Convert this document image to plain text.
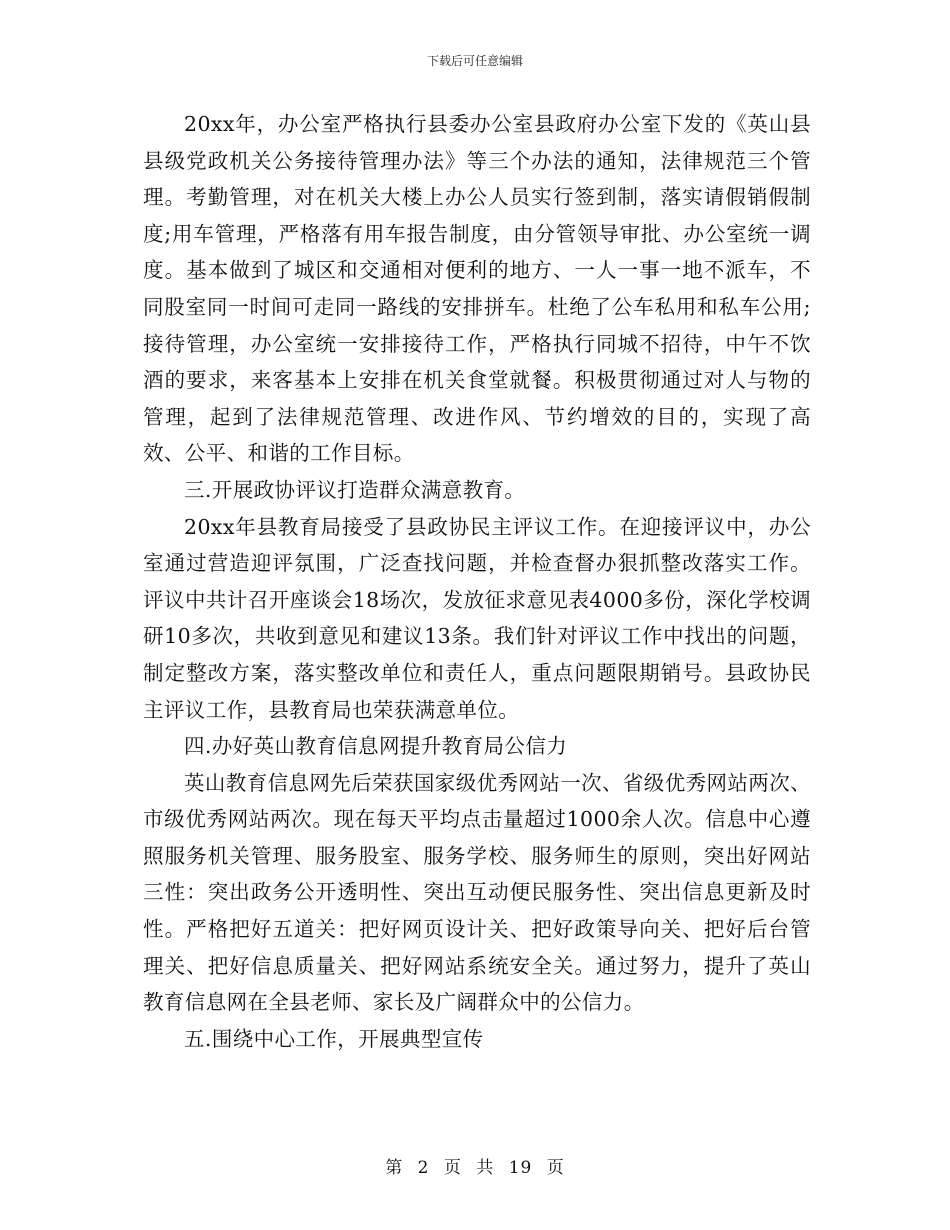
下载后可任意编辑

20xx年，办公室严格执行县委办公室县政府办公室下发的《英山县县级党政机关公务接待管理办法》等三个办法的通知，法律规范三个管理。考勤管理，对在机关大楼上办公人员实行签到制，落实请假销假制度;用车管理，严格落有用车报告制度，由分管领导审批、办公室统一调度。基本做到了城区和交通相对便利的地方、一人一事一地不派车，不同股室同一时间可走同一路线的安排拼车。杜绝了公车私用和私车公用;接待管理，办公室统一安排接待工作，严格执行同城不招待，中午不饮酒的要求，来客基本上安排在机关食堂就餐。积极贯彻通过对人与物的管理，起到了法律规范管理、改进作风、节约增效的目的，实现了高效、公平、和谐的工作目标。

三.开展政协评议打造群众满意教育。

20xx年县教育局接受了县政协民主评议工作。在迎接评议中，办公室通过营造迎评氛围，广泛查找问题，并检查督办狠抓整改落实工作。评议中共计召开座谈会18场次，发放征求意见表4000多份，深化学校调研10多次，共收到意见和建议13条。我们针对评议工作中找出的问题，制定整改方案，落实整改单位和责任人，重点问题限期销号。县政协民主评议工作，县教育局也荣获满意单位。

四.办好英山教育信息网提升教育局公信力

英山教育信息网先后荣获国家级优秀网站一次、省级优秀网站两次、市级优秀网站两次。现在每天平均点击量超过1000余人次。信息中心遵照服务机关管理、服务股室、服务学校、服务师生的原则，突出好网站三性：突出政务公开透明性、突出互动便民服务性、突出信息更新及时性。严格把好五道关：把好网页设计关、把好政策导向关、把好后台管理关、把好信息质量关、把好网站系统安全关。通过努力，提升了英山教育信息网在全县老师、家长及广阔群众中的公信力。

五.围绕中心工作，开展典型宣传

第 2 页 共 19 页
